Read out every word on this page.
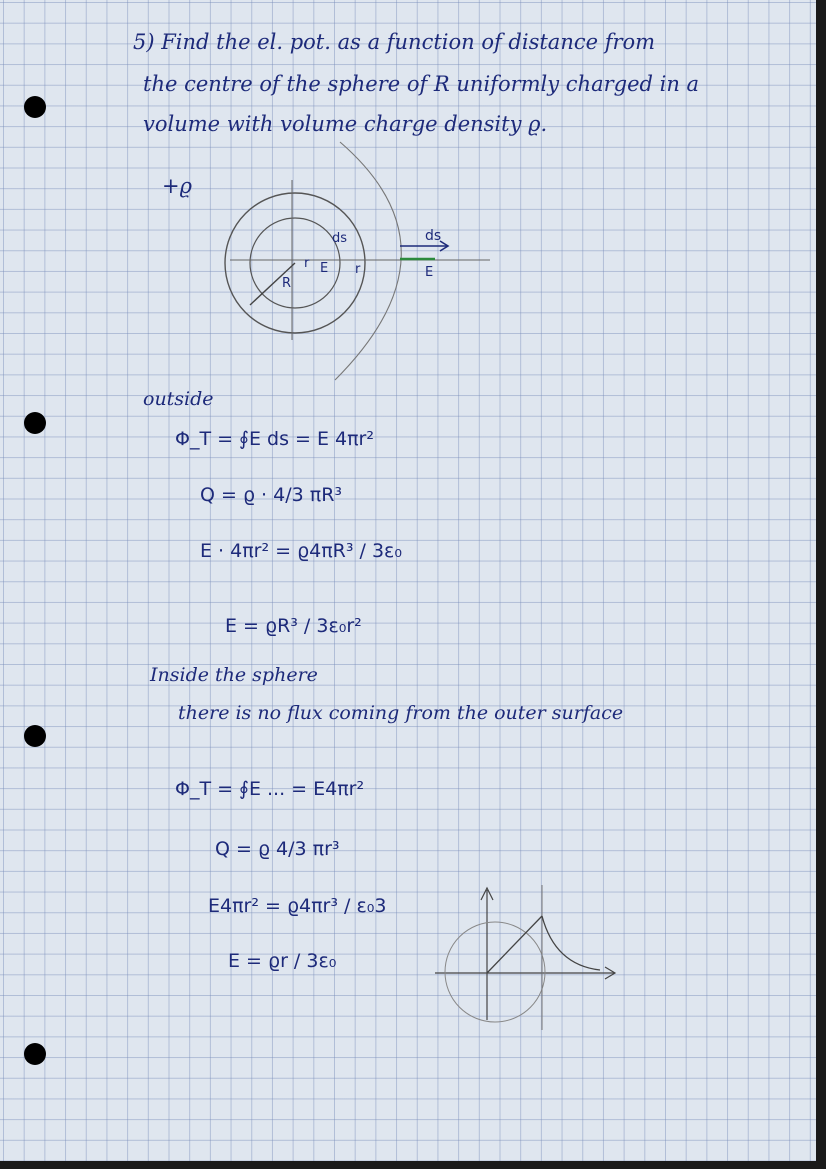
5) Find the el. pot. as a function of distance from
the centre of the sphere of R uniformly charged in a
volume with volume charge density ϱ.
+ϱ
r
R
E
ds
r	E
ds
outside
Φ_T = ∮E ds = E 4πr²
Q = ϱ · 4/3 πR³
E · 4πr² = ϱ4πR³ / 3ε₀
E = ϱR³ / 3ε₀r²
Inside the sphere
there is no flux coming from the outer surface
Φ_T = ∮E ... = E4πr²
Q = ϱ 4/3 πr³
E4πr² = ϱ4πr³ / ε₀3
E = ϱr / 3ε₀
